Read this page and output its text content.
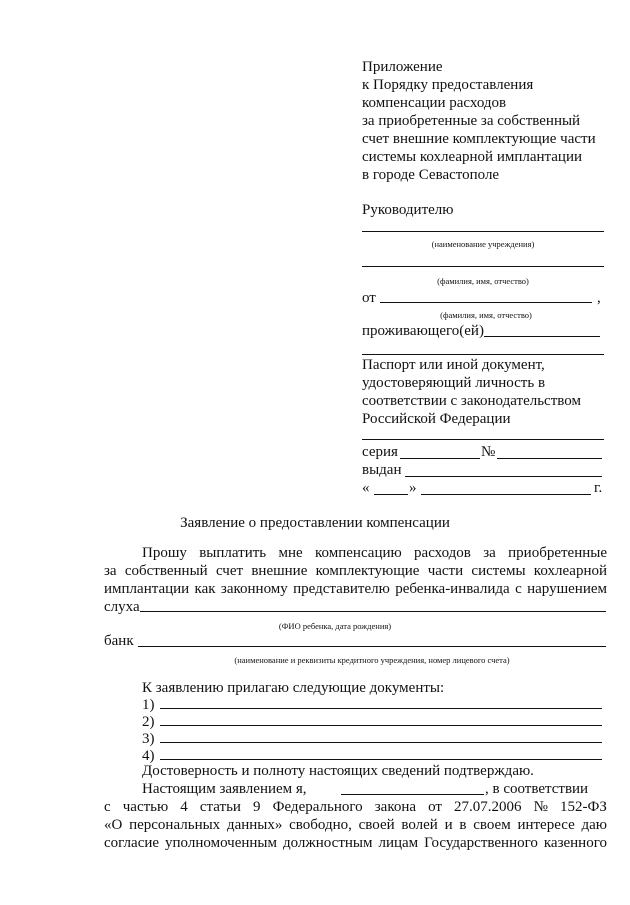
Приложение
к Порядку предоставления
компенсации расходов
за приобретенные за собственный
счет внешние комплектующие части
системы кохлеарной имплантации
в городе Севастополе
Руководителю
(наименование учреждения)
(фамилия, имя, отчество)
от	,
(фамилия, имя, отчество)
проживающего(ей)
Паспорт или иной документ,
удостоверяющий личность в
соответствии с законодательством
Российской Федерации
серия	№
выдан
«	»	г.
Заявление о предоставлении компенсации
Прошу выплатить мне компенсацию расходов за приобретенные
за собственный счет внешние комплектующие части системы кохлеарной
имплантации как законному представителю ребенка-инвалида с нарушением
слуха
(ФИО ребенка, дата рождения)
банк
(наименование и реквизиты кредитного учреждения, номер лицевого счета)
К заявлению прилагаю следующие документы:
1)
2)
3)
4)
Достоверность и полноту настоящих сведений подтверждаю.
Настоящим заявлением я,	, в соответствии
с частью 4 статьи 9 Федерального закона от 27.07.2006 № 152-ФЗ
«О персональных данных» свободно, своей волей и в своем интересе даю
согласие уполномоченным должностным лицам Государственного казенного
